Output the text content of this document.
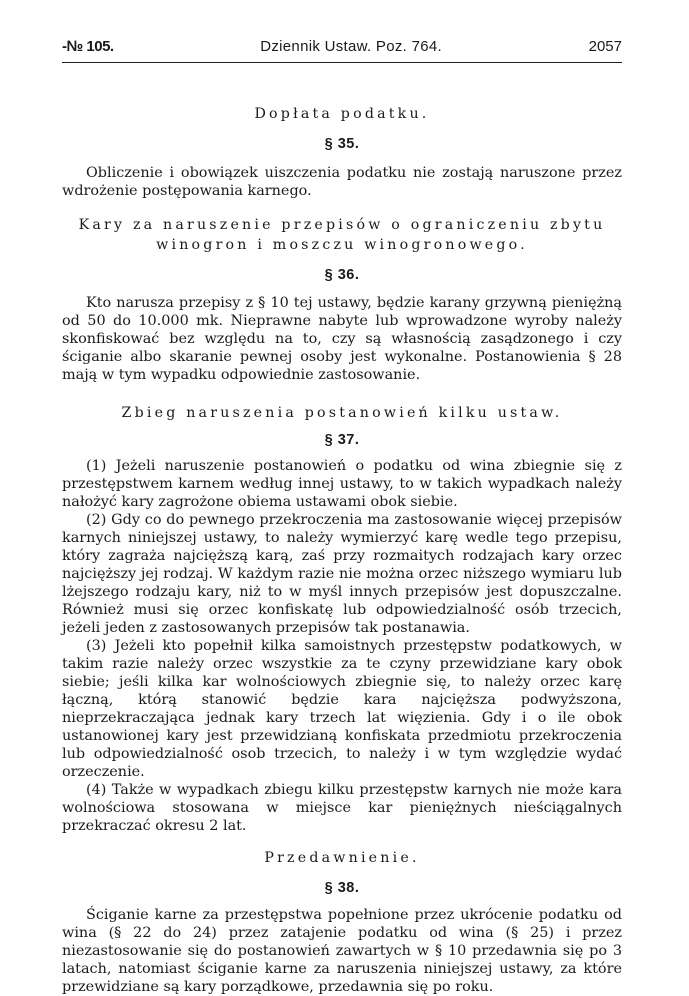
-№ 105.	Dziennik Ustaw. Poz. 764.	2057
Dopłata podatku.
§ 35.

Obliczenie i obowiązek uiszczenia podatku nie zostają naruszone przez wdrożenie postępowania karnego.

Kary za naruszenie przepisów o ograniczeniu zbytu
winogron i moszczu winogronowego.
§ 36.

Kto narusza przepisy z § 10 tej ustawy, będzie karany grzywną pieniężną od 50 do 10.000 mk. Nieprawne nabyte lub wprowadzone wyroby należy skonfiskować bez względu na to, czy są własnością zasądzonego i czy ściganie albo skaranie pewnej osoby jest wykonalne. Postanowienia § 28 mają w tym wypadku odpowiednie zastosowanie.

Zbieg naruszenia postanowień kilku ustaw.
§ 37.

(1) Jeżeli naruszenie postanowień o podatku od wina zbiegnie się z przestępstwem karnem według innej ustawy, to w takich wypadkach należy nałożyć kary zagrożone obiema ustawami obok siebie.

(2) Gdy co do pewnego przekroczenia ma zastosowanie więcej przepisów karnych niniejszej ustawy, to należy wymierzyć karę wedle tego przepisu, który zagraża najcięższą karą, zaś przy rozmaitych rodzajach kary orzec najcięższy jej rodzaj. W każdym razie nie można orzec niższego wymiaru lub lżejszego rodzaju kary, niż to w myśl innych przepisów jest dopuszczalne. Również musi się orzec konfiskatę lub odpowiedzialność osób trzecich, jeżeli jeden z zastosowanych przepisów tak postanawia.

(3) Jeżeli kto popełnił kilka samoistnych przestępstw podatkowych, w takim razie należy orzec wszystkie za te czyny przewidziane kary obok siebie; jeśli kilka kar wolnościowych zbiegnie się, to należy orzec karę łączną, którą stanowić będzie kara najcięższa podwyższona, nieprzekraczająca jednak kary trzech lat więzienia. Gdy i o ile obok ustanowionej kary jest przewidzianą konfiskata przedmiotu przekroczenia lub odpowiedzialność osob trzecich, to należy i w tym względzie wydać orzeczenie.

(4) Także w wypadkach zbiegu kilku przestępstw karnych nie może kara wolnościowa stosowana w miejsce kar pieniężnych nieściągalnych przekraczać okresu 2 lat.

Przedawnienie.
§ 38.

Ściganie karne za przestępstwa popełnione przez ukrócenie podatku od wina (§ 22 do 24) przez zatajenie podatku od wina (§ 25) i przez niezastosowanie się do postanowień zawartych w § 10 przedawnia się po 3 latach, natomiast ściganie karne za naruszenia niniejszej ustawy, za które przewidziane są kary porządkowe, przedawnia się po roku.
